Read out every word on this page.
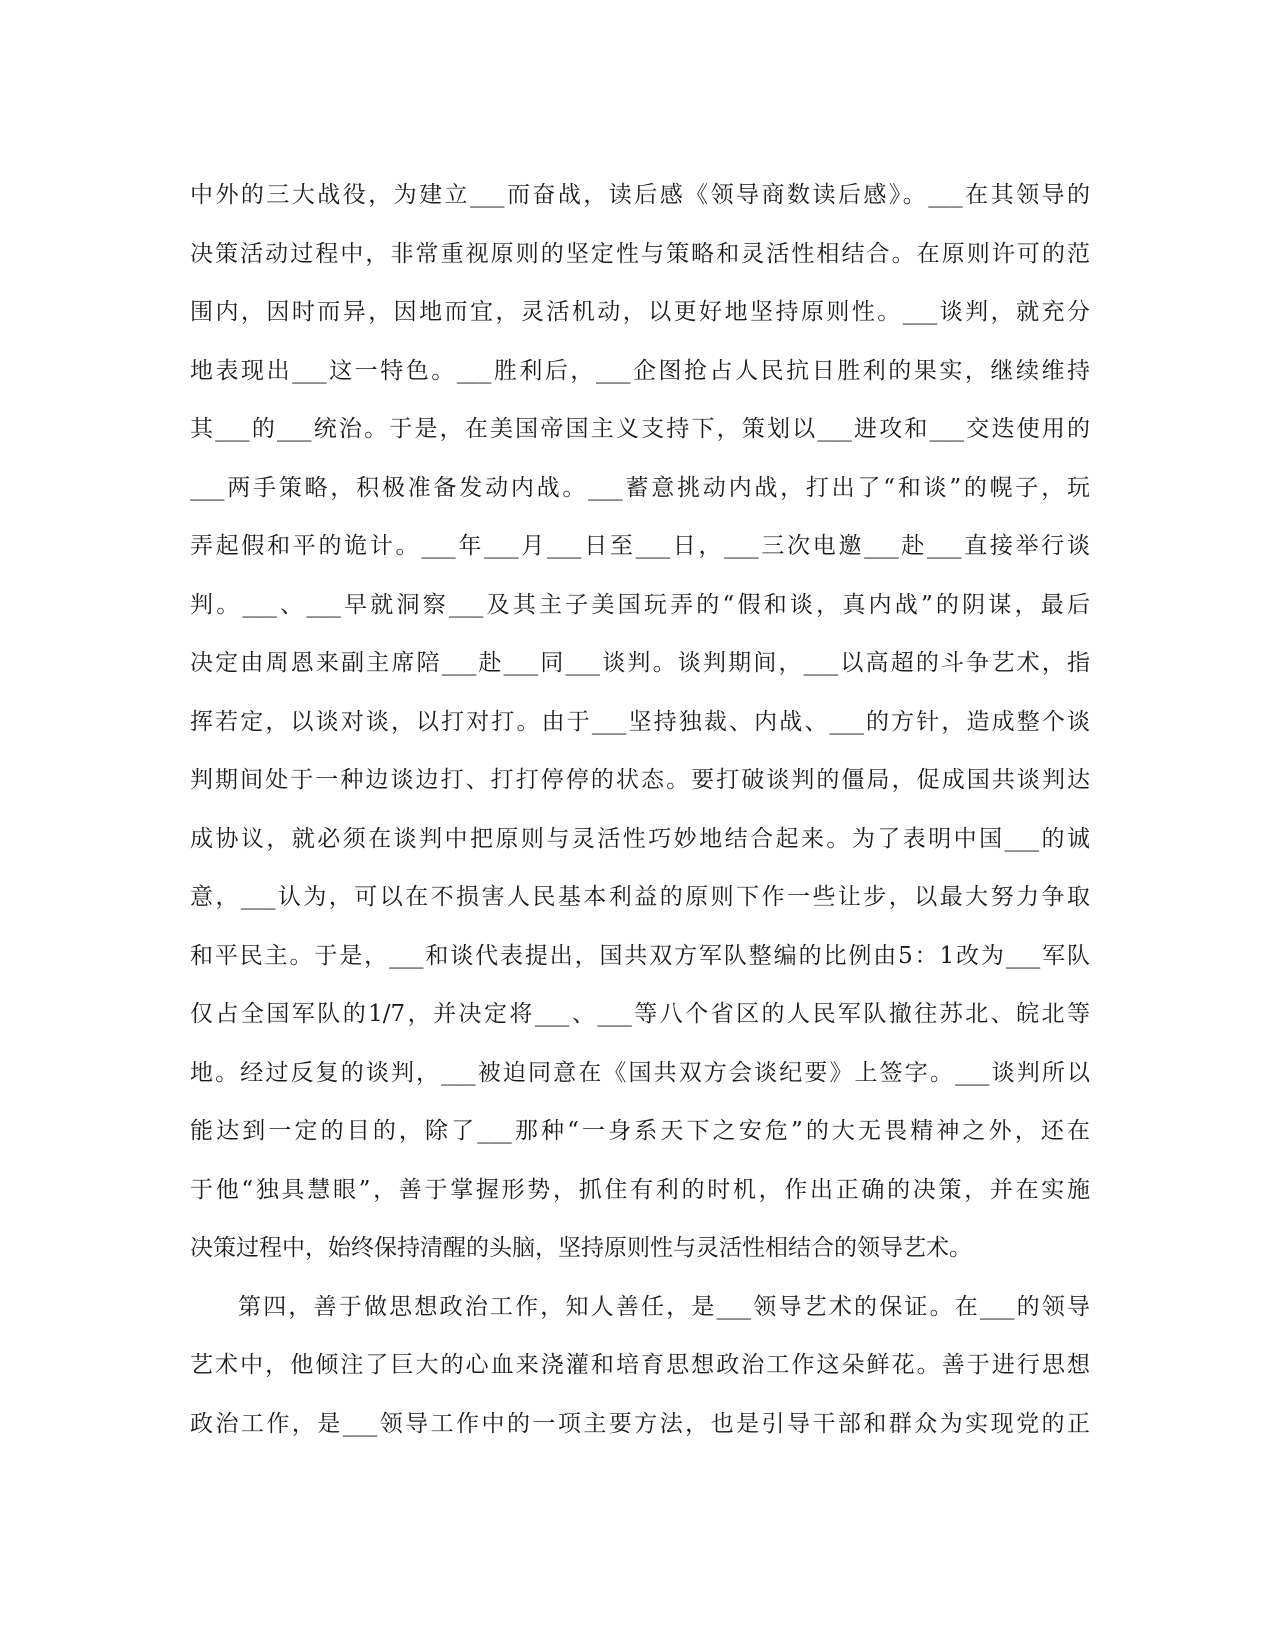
中外的三大战役，为建立___而奋战，读后感《领导商数读后感》。___在其领导的
决策活动过程中，非常重视原则的坚定性与策略和灵活性相结合。在原则许可的范
围内，因时而异，因地而宜，灵活机动，以更好地坚持原则性。___谈判，就充分
地表现出___这一特色。___胜利后，___企图抢占人民抗日胜利的果实，继续维持
其___的___统治。于是，在美国帝国主义支持下，策划以___进攻和___交迭使用的
___两手策略，积极准备发动内战。___蓄意挑动内战，打出了“和谈”的幌子，玩
弄起假和平的诡计。___年___月___日至___日，___三次电邀___赴___直接举行谈
判。___、___早就洞察___及其主子美国玩弄的“假和谈，真内战”的阴谋，最后
决定由周恩来副主席陪___赴___同___谈判。谈判期间，___以高超的斗争艺术，指
挥若定，以谈对谈，以打对打。由于___坚持独裁、内战、___的方针，造成整个谈
判期间处于一种边谈边打、打打停停的状态。要打破谈判的僵局，促成国共谈判达
成协议，就必须在谈判中把原则与灵活性巧妙地结合起来。为了表明中国___的诚
意，___认为，可以在不损害人民基本利益的原则下作一些让步，以最大努力争取
和平民主。于是，___和谈代表提出，国共双方军队整编的比例由5：1改为___军队
仅占全国军队的1/7，并决定将___、___等八个省区的人民军队撤往苏北、皖北等
地。经过反复的谈判，___被迫同意在《国共双方会谈纪要》上签字。___谈判所以
能达到一定的目的，除了___那种“一身系天下之安危”的大无畏精神之外，还在
于他“独具慧眼”，善于掌握形势，抓住有利的时机，作出正确的决策，并在实施
决策过程中，始终保持清醒的头脑，坚持原则性与灵活性相结合的领导艺术。
第四，善于做思想政治工作，知人善任，是___领导艺术的保证。在___的领导
艺术中，他倾注了巨大的心血来浇灌和培育思想政治工作这朵鲜花。善于进行思想
政治工作，是___领导工作中的一项主要方法，也是引导干部和群众为实现党的正
